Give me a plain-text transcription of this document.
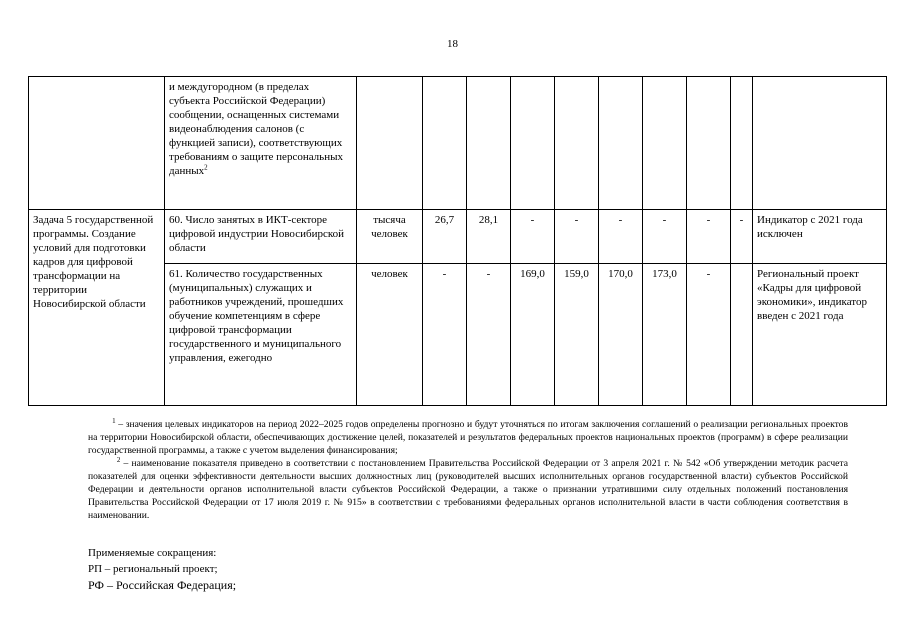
18
	и междугородном (в пределах субъекта Российской Федерации) сообщении, оснащенных системами видеонаблюдения салонов (с функцией записи), соответствующих требованиям о защите персональных данных$^2$										
Задача 5 государственной программы. Создание условий для подготовки кадров для цифровой трансформации на территории Новосибирской области	60. Число занятых в ИКТ-секторе цифровой индустрии Новосибирской области	тысяча человек	26,7	28,1	-	-	-	-	-	-	Индикатор с 2021 года исключен
	61. Количество государственных (муниципальных) служащих и работников учреждений, прошедших обучение компетенциям в сфере цифровой трансформации государственного и муниципального управления, ежегодно	человек	-	-	169,0	159,0	170,0	173,0	-		Региональный проект «Кадры для цифровой экономики», индикатор введен с 2021 года

$^1$ – значения целевых индикаторов на период 2022–2025 годов определены прогнозно и будут уточняться по итогам заключения соглашений о реализации региональных проектов на территории Новосибирской области, обеспечивающих достижение целей, показателей и результатов федеральных проектов национальных проектов (программ) в сфере реализации государственной программы, а также с учетом выделения финансирования;

$^2$ – наименование показателя приведено в соответствии с постановлением Правительства Российской Федерации от 3 апреля 2021 г. № 542 «Об утверждении методик расчета показателей для оценки эффективности деятельности высших должностных лиц (руководителей высших исполнительных органов государственной власти) субъектов Российской Федерации и деятельности органов исполнительной власти субъектов Российской Федерации, а также о признании утратившими силу отдельных положений постановления Правительства Российской Федерации от 17 июля 2019 г. № 915» в соответствии с требованиями федеральных органов исполнительной власти в части соблюдения соответствия в наименовании.

Применяемые сокращения:
РП – региональный проект;
РФ – Российская Федерация;
